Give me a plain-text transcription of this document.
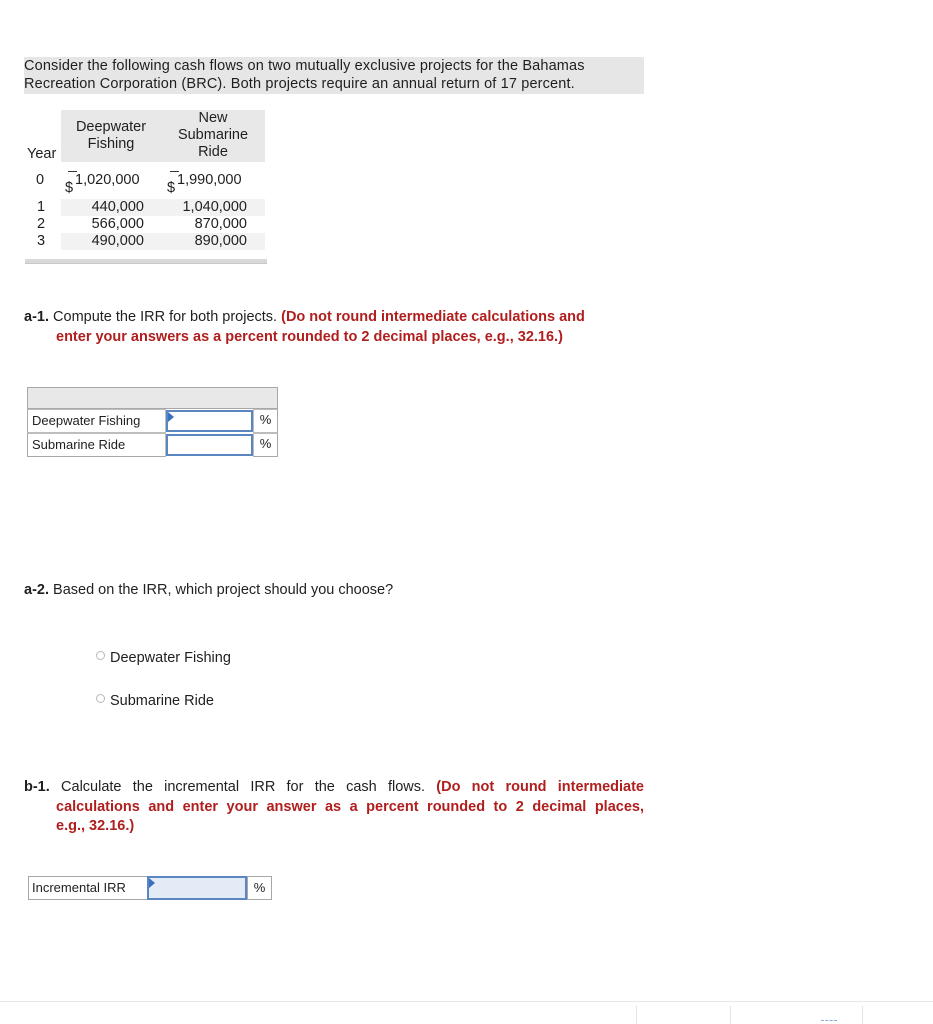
Consider the following cash flows on two mutually exclusive projects for the Bahamas
Recreation Corporation (BRC). Both projects require an annual return of 17 percent.
Year
Deepwater
Fishing
New
Submarine
Ride
0 $ 1,020,000 $ 1,990,000
1	440,000	1,040,000
2	566,000	870,000
3	490,000	890,000
a-1. Compute the IRR for both projects. (Do not round intermediate calculations and
enter your answers as a percent rounded to 2 decimal places, e.g., 32.16.)
Deepwater Fishing	%
Submarine Ride	%
a-2. Based on the IRR, which project should you choose?
Deepwater Fishing
Submarine Ride
b-1. Calculate the incremental IRR for the cash flows. (Do not round intermediate
calculations and enter your answer as a percent rounded to 2 decimal places,
e.g., 32.16.)
Incremental IRR	%
